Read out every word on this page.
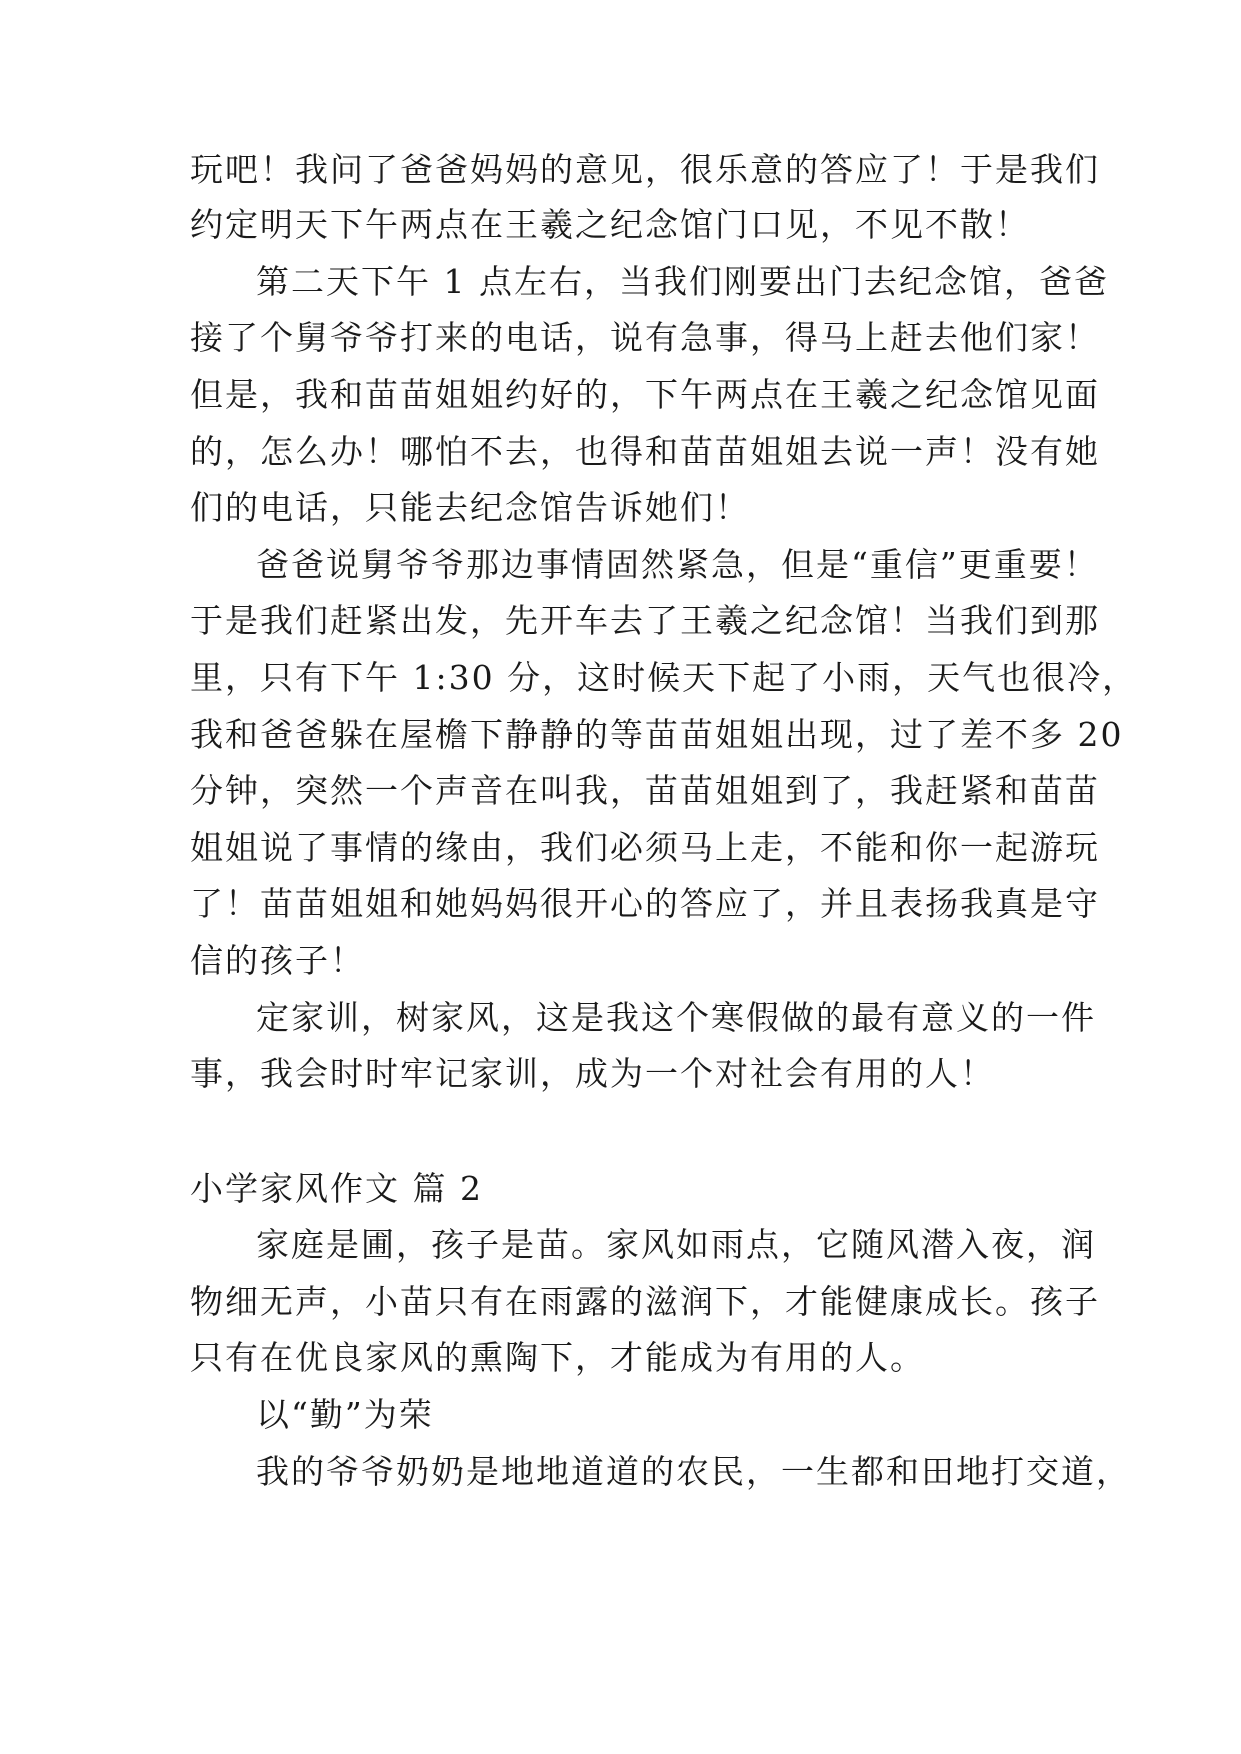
玩吧！我问了爸爸妈妈的意见，很乐意的答应了！于是我们
约定明天下午两点在王羲之纪念馆门口见，不见不散！
第二天下午 1 点左右，当我们刚要出门去纪念馆，爸爸
接了个舅爷爷打来的电话，说有急事，得马上赶去他们家！
但是，我和苗苗姐姐约好的，下午两点在王羲之纪念馆见面
的，怎么办！哪怕不去，也得和苗苗姐姐去说一声！没有她
们的电话，只能去纪念馆告诉她们！
爸爸说舅爷爷那边事情固然紧急，但是“重信”更重要！
于是我们赶紧出发，先开车去了王羲之纪念馆！当我们到那
里，只有下午 1:30 分，这时候天下起了小雨，天气也很冷，
我和爸爸躲在屋檐下静静的等苗苗姐姐出现，过了差不多 20
分钟，突然一个声音在叫我，苗苗姐姐到了，我赶紧和苗苗
姐姐说了事情的缘由，我们必须马上走，不能和你一起游玩
了！苗苗姐姐和她妈妈很开心的答应了，并且表扬我真是守
信的孩子！
定家训，树家风，这是我这个寒假做的最有意义的一件
事，我会时时牢记家训，成为一个对社会有用的人！
小学家风作文 篇 2
家庭是圃，孩子是苗。家风如雨点，它随风潜入夜，润
物细无声，小苗只有在雨露的滋润下，才能健康成长。孩子
只有在优良家风的熏陶下，才能成为有用的人。
以“勤”为荣
我的爷爷奶奶是地地道道的农民，一生都和田地打交道，
